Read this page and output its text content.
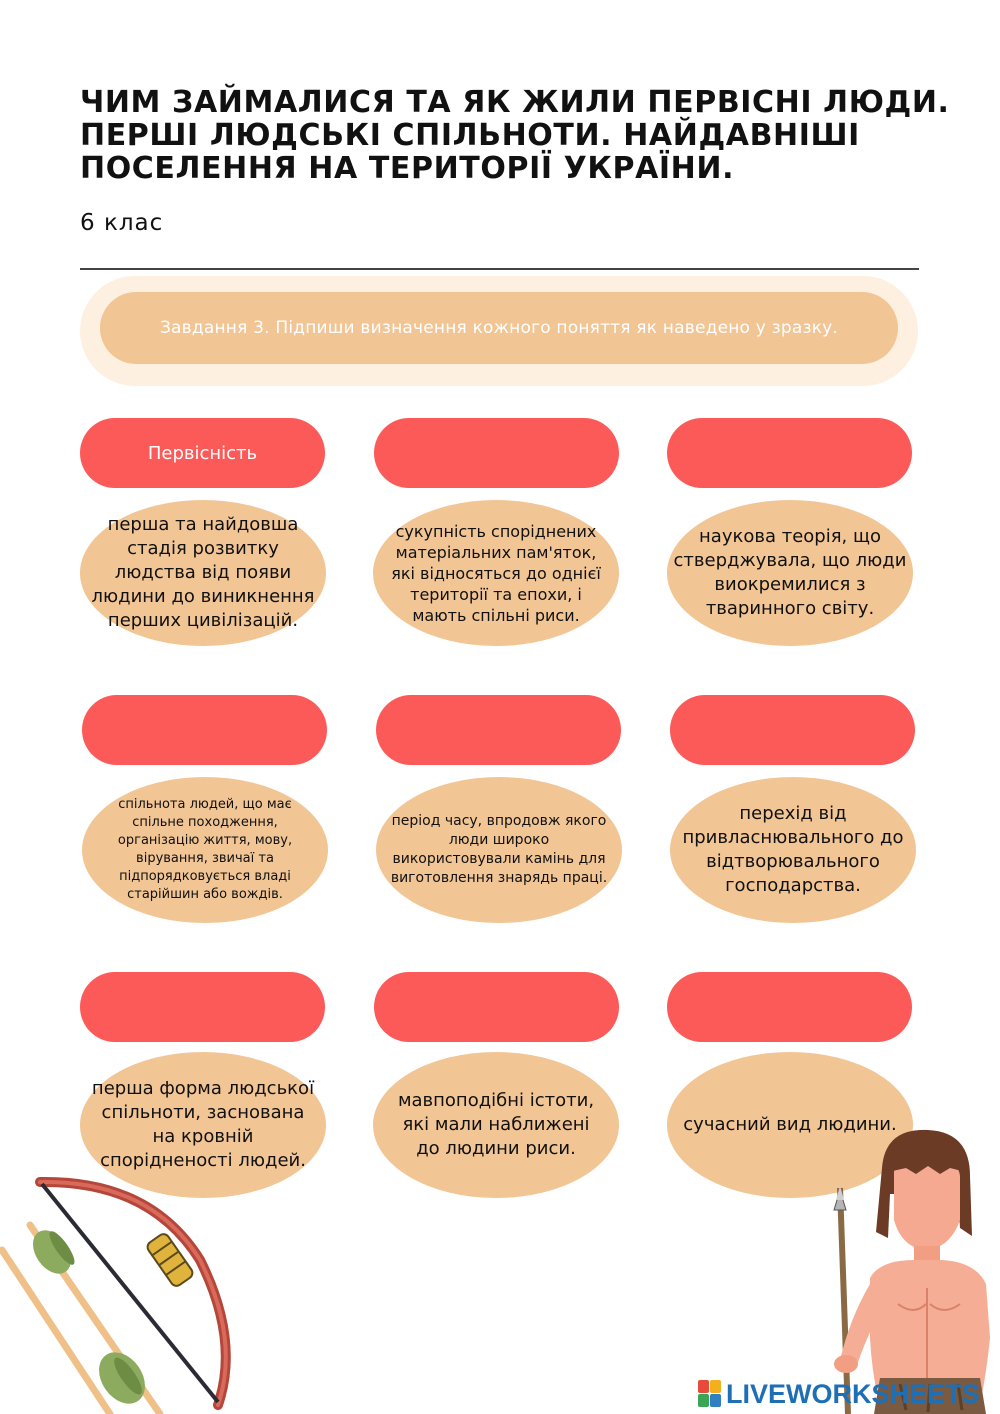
ЧИМ ЗАЙМАЛИСЯ ТА ЯК ЖИЛИ ПЕРВІСНІ ЛЮДИ.
ПЕРШІ ЛЮДСЬКІ СПІЛЬНОТИ. НАЙДАВНІШІ
ПОСЕЛЕННЯ НА ТЕРИТОРІЇ УКРАЇНИ.
6 клас
Завдання 3. Підпиши визначення кожного поняття як наведено у зразку.
Первісність
перша та найдовша стадія розвитку людства від появи людини до виникнення перших цивілізацій.
сукупність споріднених матеріальних пам'яток, які відносяться до однієї території та епохи, і мають спільні риси.
наукова теорія, що стверджувала, що люди виокремилися з тваринного світу.
спільнота людей, що має спільне походження, організацію життя, мову, вірування, звичаї та підпорядковується владі старійшин або вождів.
період часу, впродовж якого люди широко використовували камінь для виготовлення знарядь праці.
перехід від привласнювального до відтворювального господарства.
перша форма людської спільноти, заснована на кровній спорідненості людей.
мавпоподібні істоти, які мали наближені до людини риси.
сучасний вид людини.
LIVEWORKSHEETS
